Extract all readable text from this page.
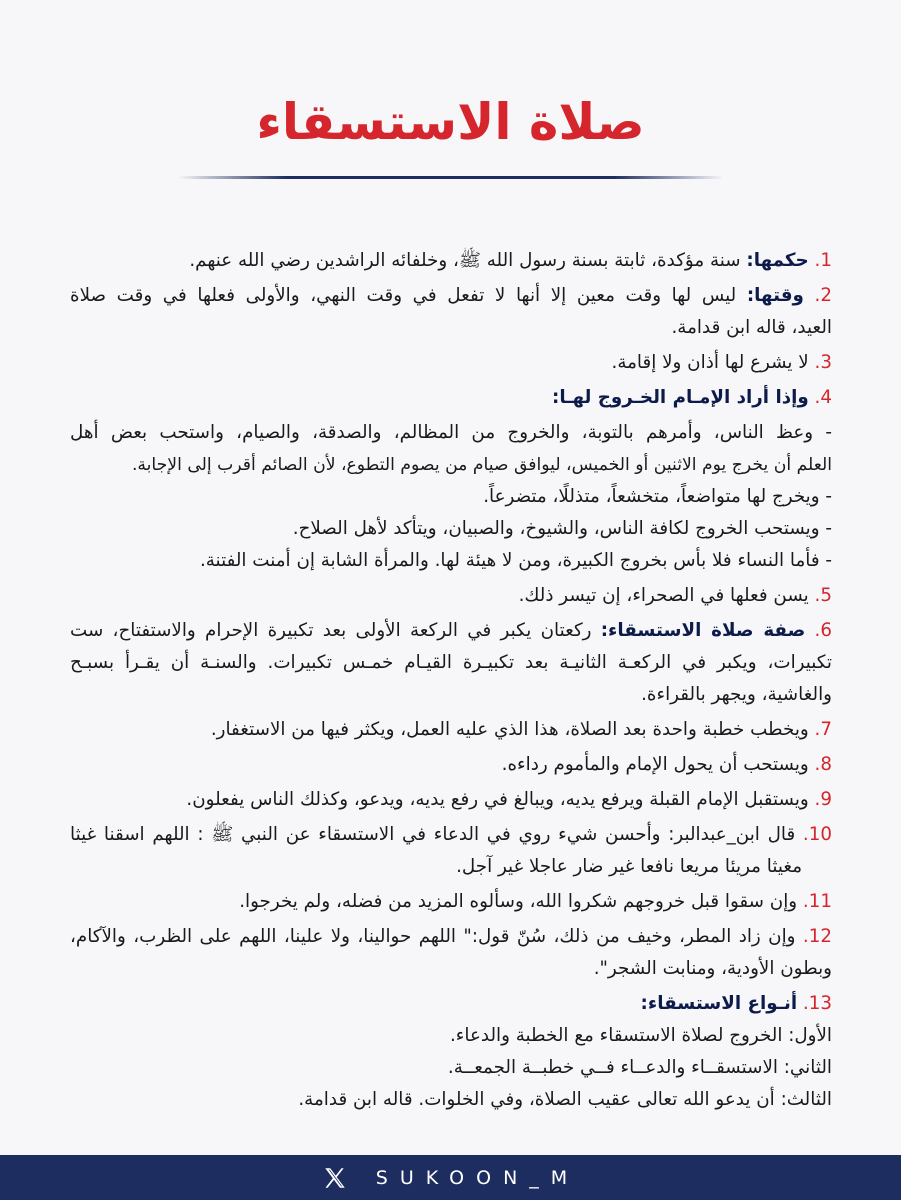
صلاة الاستسقاء
1. حكمها: سنة مؤكدة، ثابتة بسنة رسول الله ﷺ، وخلفائه الراشدين رضي الله عنهم.
2. وقتها: ليس لها وقت معين إلا أنها لا تفعل في وقت النهي، والأولى فعلها في وقت صلاة
العيد، قاله ابن قدامة.
3. لا يشرع لها أذان ولا إقامة.
4. وإذا أراد الإمـام الخـروج لهـا:
- وعظ الناس، وأمرهم بالتوبة، والخروج من المظالم، والصدقة، والصيام، واستحب بعض أهل
العلم أن يخرج يوم الاثنين أو الخميس، ليوافق صيام من يصوم التطوع، لأن الصائم أقرب إلى الإجابة.
- ويخرج لها متواضعاً، متخشعاً، متذللًا، متضرعاً.
- ويستحب الخروج لكافة الناس، والشيوخ، والصبيان، ويتأكد لأهل الصلاح.
- فأما النساء فلا بأس بخروج الكبيرة، ومن لا هيئة لها. والمرأة الشابة إن أمنت الفتنة.
5. يسن فعلها في الصحراء، إن تيسر ذلك.
6. صفة صلاة الاستسقاء: ركعتان يكبر في الركعة الأولى بعد تكبيرة الإحرام والاستفتاح، ست
تكبيرات، ويكبر في الركعـة الثانيـة بعد تكبيـرة القيـام خمـس تكبيرات. والسنـة أن يقـرأ بسبـح
والغاشية، ويجهر بالقراءة.
7. ويخطب خطبة واحدة بعد الصلاة، هذا الذي عليه العمل، ويكثر فيها من الاستغفار.
8. ويستحب أن يحول الإمام والمأموم رداءه.
9. ويستقبل الإمام القبلة ويرفع يديه، ويبالغ في رفع يديه، ويدعو، وكذلك الناس يفعلون.
10. قال ابن_عبدالبر: وأحسن شيء روي في الدعاء في الاستسقاء عن النبي ﷺ : اللهم اسقنا غيثا
مغيثا مريئا مريعا نافعا غير ضار عاجلا غير آجل.
11. وإن سقوا قبل خروجهم شكروا الله، وسألوه المزيد من فضله، ولم يخرجوا.
12. وإن زاد المطر، وخيف من ذلك، سُنّ قول:" اللهم حوالينا، ولا علينا، اللهم على الظرب، والآكام،
وبطون الأودية، ومنابت الشجر".
13. أنـواع الاستسقاء:
الأول: الخروج لصلاة الاستسقاء مع الخطبة والدعاء.
الثاني: الاستسقــاء والدعــاء فــي خطبــة الجمعــة.
الثالث: أن يدعو الله تعالى عقيب الصلاة، وفي الخلوات. قاله ابن قدامة.
SUKOON_M
